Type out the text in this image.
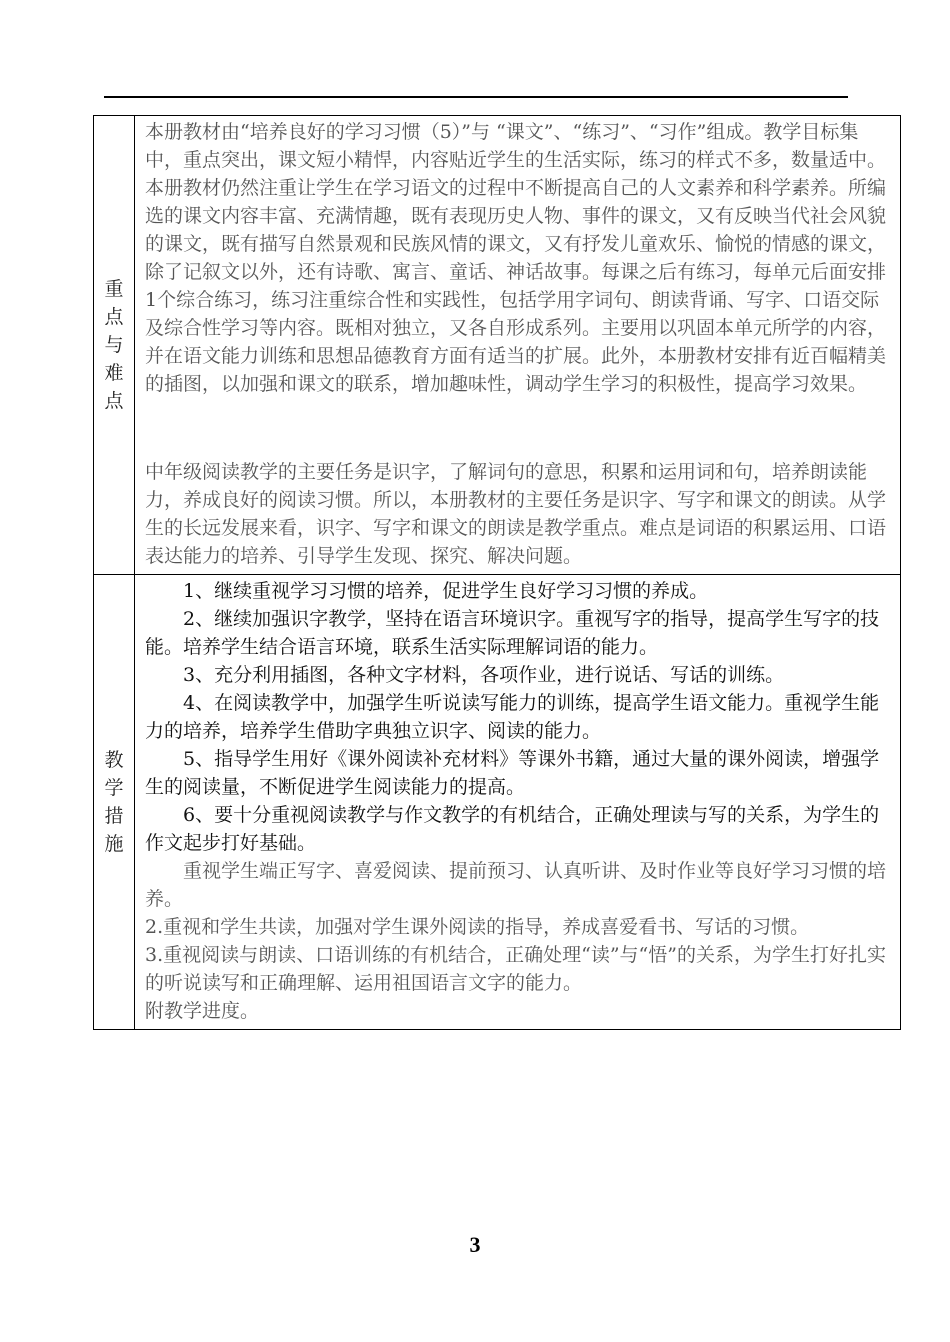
重
点
与
难
点

本册教材由“培养良好的学习习惯（5）”与 “课文”、“练习”、“习作”组成。教学目标集中，重点突出，课文短小精悍，内容贴近学生的生活实际，练习的样式不多，数量适中。本册教材仍然注重让学生在学习语文的过程中不断提高自己的人文素养和科学素养。所编选的课文内容丰富、充满情趣，既有表现历史人物、事件的课文，又有反映当代社会风貌的课文，既有描写自然景观和民族风情的课文，又有抒发儿童欢乐、愉悦的情感的课文，除了记叙文以外，还有诗歌、寓言、童话、神话故事。每课之后有练习，每单元后面安排1个综合练习，练习注重综合性和实践性，包括学用字词句、朗读背诵、写字、口语交际及综合性学习等内容。既相对独立，又各自形成系列。主要用以巩固本单元所学的内容，并在语文能力训练和思想品德教育方面有适当的扩展。此外，本册教材安排有近百幅精美的插图，以加强和课文的联系，增加趣味性，调动学生学习的积极性，提高学习效果。

中年级阅读教学的主要任务是识字，了解词句的意思，积累和运用词和句，培养朗读能力，养成良好的阅读习惯。所以，本册教材的主要任务是识字、写字和课文的朗读。从学生的长远发展来看，识字、写字和课文的朗读是教学重点。难点是词语的积累运用、口语表达能力的培养、引导学生发现、探究、解决问题。

教
学
措
施

1、继续重视学习习惯的培养，促进学生良好学习习惯的养成。

2、继续加强识字教学，坚持在语言环境识字。重视写字的指导，提高学生写字的技能。培养学生结合语言环境，联系生活实际理解词语的能力。

3、充分利用插图，各种文字材料，各项作业，进行说话、写话的训练。

4、在阅读教学中，加强学生听说读写能力的训练，提高学生语文能力。重视学生能力的培养，培养学生借助字典独立识字、阅读的能力。

5、指导学生用好《课外阅读补充材料》等课外书籍，通过大量的课外阅读，增强学生的阅读量，不断促进学生阅读能力的提高。

6、要十分重视阅读教学与作文教学的有机结合，正确处理读与写的关系，为学生的作文起步打好基础。

重视学生端正写字、喜爱阅读、提前预习、认真听讲、及时作业等良好学习习惯的培养。

2.重视和学生共读，加强对学生课外阅读的指导，养成喜爱看书、写话的习惯。

3.重视阅读与朗读、口语训练的有机结合，正确处理“读”与“悟”的关系，为学生打好扎实的听说读写和正确理解、运用祖国语言文字的能力。

附教学进度。

3
